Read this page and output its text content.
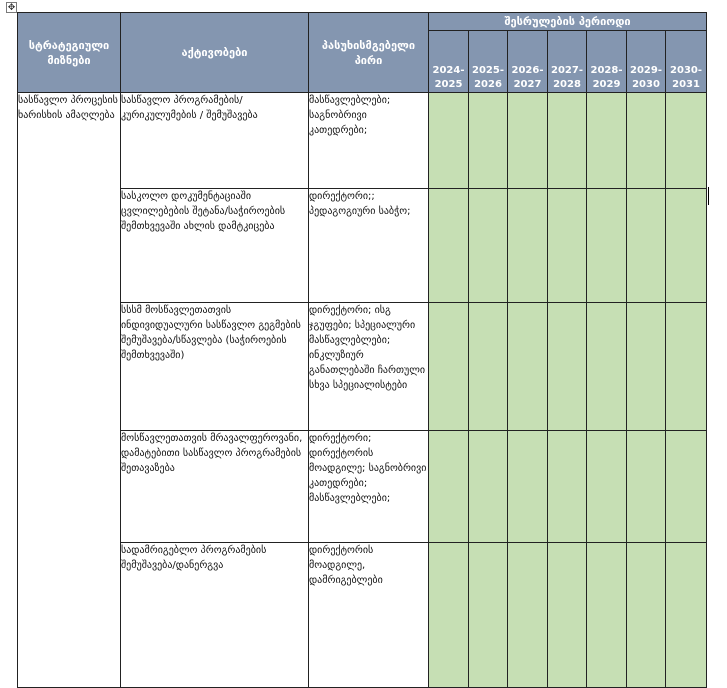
✥
სტრატეგიული მიზნები	აქტივობები	პასუხისმგებელი პირი	შესრულების პერიოდი						
			2024-2025	2025-2026	2026-2027	2027-2028	2028-2029	2029-2030	2030-2031
სასწავლო პროცესის ხარისხის ამაღლება	სასწავლო პროგრამების/კურიკულუმების / შემუშავება	მასწავლებლები; საგნობრივი კათედრები;							
	სასკოლო დოკუმენტაციაში ცვლილებების შეტანა/საჭიროების შემთხვევაში ახლის დამტკიცება	დირექტორი;; პედაგოგიური საბჭო;							
	სსსმ მოსწავლეთათვის ინდივიდუალური სასწავლო გეგმების შემუშავება/სწავლება (საჭიროების შემთხვევაში)	დირექტორი; ისგ ჯგუფები; სპეციალური მასწავლებლები; ინკლუზიურ განათლებაში ჩართული სხვა სპეციალისტები							
	მოსწავლეთათვის მრავალფეროვანი, დამატებითი სასწავლო პროგრამების შეთავაზება	დირექტორი; დირექტორის მოადგილე; საგნობრივი კათედრები; მასწავლებლები;							
	სადამრიგებლო პროგრამების შემუშავება/დანერგვა	დირექტორის მოადგილე, დამრიგებლები							
